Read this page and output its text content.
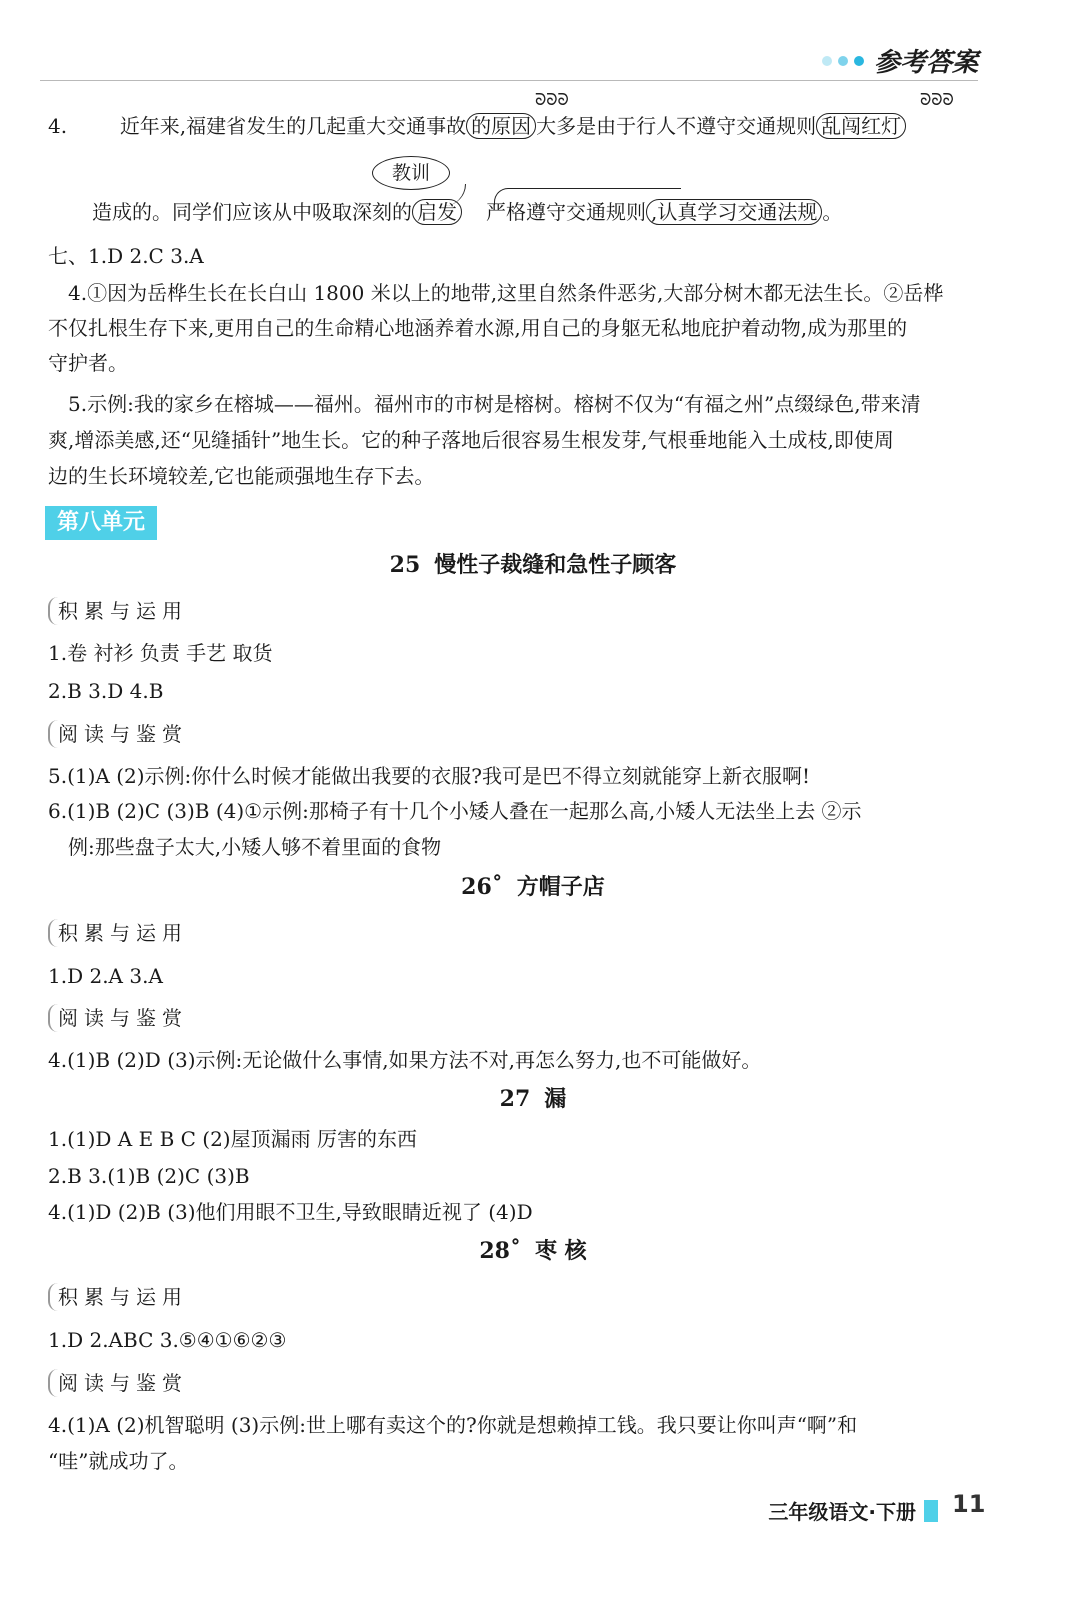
参考答案
4.	近年来,福建省发生的几起重大交通事故 的原因 大多是由于行人不遵守交通规则 乱闯红灯
ᘐᘐᘐ	ᘐᘐᘐ
教训
造成的。同学们应该从中吸取深刻的 启发 严格遵守交通规则 ,认真学习交通法规 。
七、1.D 2.C 3.A
4.①因为岳桦生长在长白山 1800 米以上的地带,这里自然条件恶劣,大部分树木都无法生长。②岳桦
不仅扎根生存下来,更用自己的生命精心地涵养着水源,用自己的身躯无私地庇护着动物,成为那里的
守护者。
5.示例:我的家乡在榕城——福州。福州市的市树是榕树。榕树不仅为“有福之州”点缀绿色,带来清
爽,增添美感,还“见缝插针”地生长。它的种子落地后很容易生根发芽,气根垂地能入土成枝,即使周
边的生长环境较差,它也能顽强地生存下去。
第八单元
25 慢性子裁缝和急性子顾客
积累与运用
1.卷 衬衫 负责 手艺 取货
2.B 3.D 4.B
阅读与鉴赏
5.(1)A (2)示例:你什么时候才能做出我要的衣服?我可是巴不得立刻就能穿上新衣服啊!
6.(1)B (2)C (3)B (4)①示例:那椅子有十几个小矮人叠在一起那么高,小矮人无法坐上去 ②示
例:那些盘子太大,小矮人够不着里面的食物
26˚ 方帽子店
积累与运用
1.D 2.A 3.A
阅读与鉴赏
4.(1)B (2)D (3)示例:无论做什么事情,如果方法不对,再怎么努力,也不可能做好。
27 漏
1.(1)D A E B C (2)屋顶漏雨 厉害的东西
2.B 3.(1)B (2)C (3)B
4.(1)D (2)B (3)他们用眼不卫生,导致眼睛近视了 (4)D
28˚ 枣 核
积累与运用
1.D 2.ABC 3.⑤④①⑥②③
阅读与鉴赏
4.(1)A (2)机智聪明 (3)示例:世上哪有卖这个的?你就是想赖掉工钱。我只要让你叫声“啊”和
“哇”就成功了。
三年级语文·下册 11
